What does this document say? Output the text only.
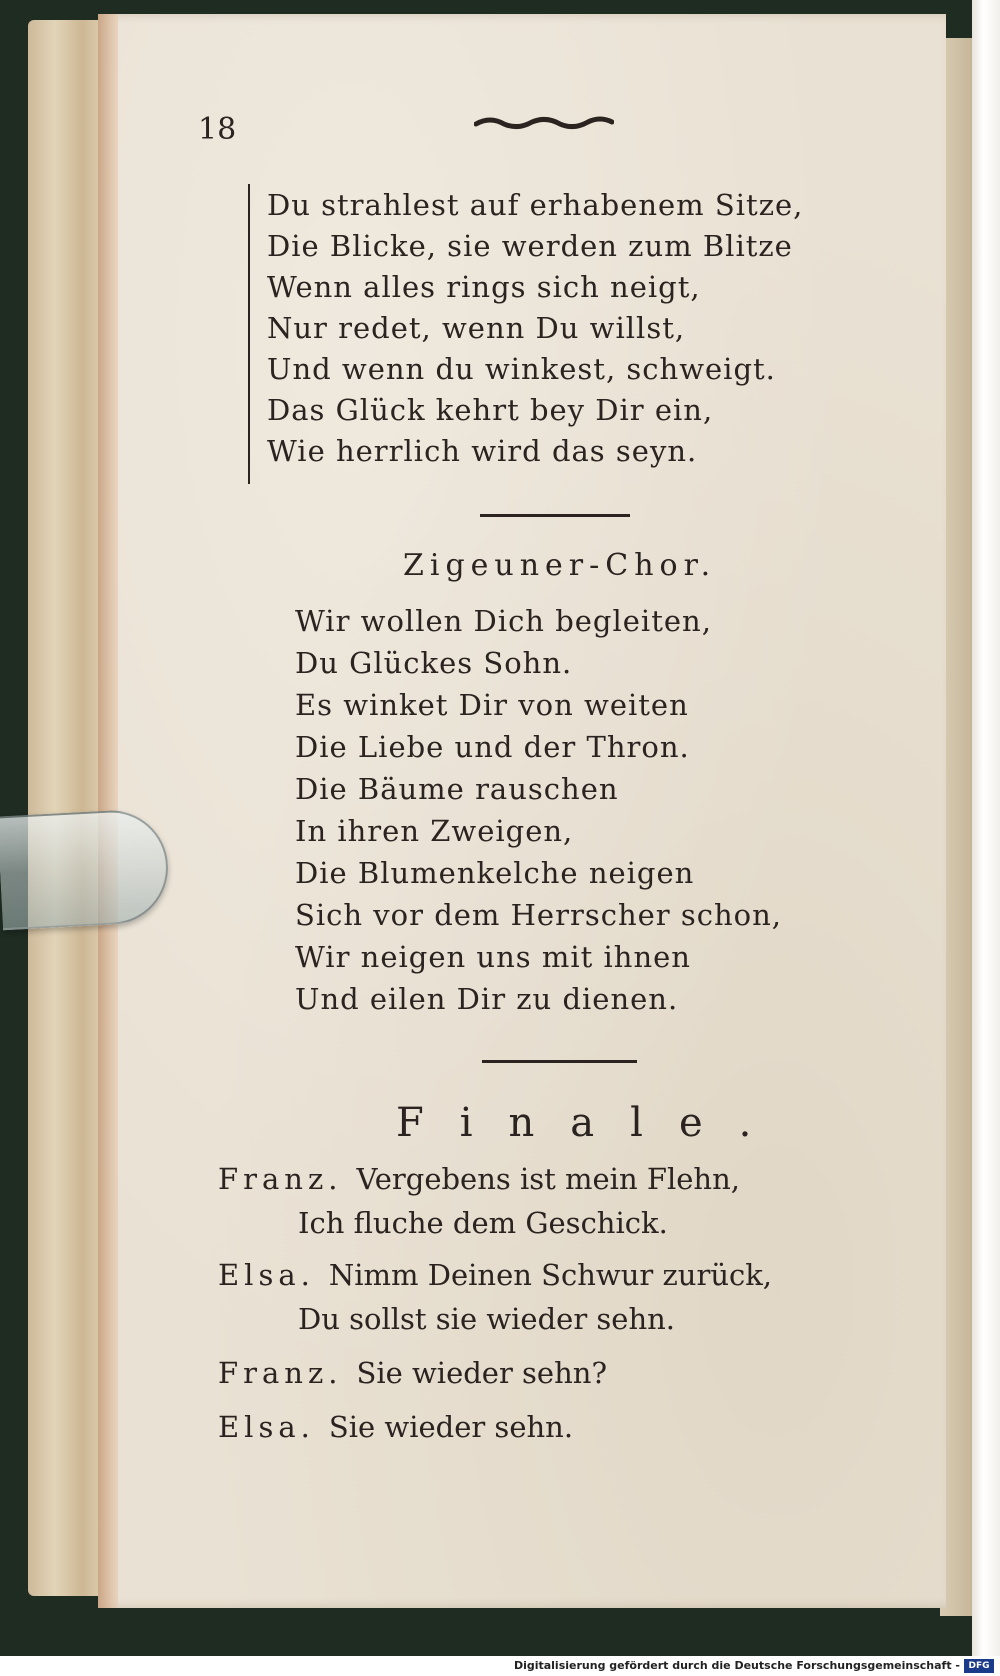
18
Du strahlest auf erhabenem Sitze,
Die Blicke, sie werden zum Blitze
Wenn alles rings sich neigt,
Nur redet, wenn Du willst,
Und wenn du winkest, schweigt.
Das Glück kehrt bey Dir ein,
Wie herrlich wird das seyn.
Zigeuner-Chor.
Wir wollen Dich begleiten,
Du Glückes Sohn.
Es winket Dir von weiten
Die Liebe und der Thron.
Die Bäume rauschen
In ihren Zweigen,
Die Blumenkelche neigen
Sich vor dem Herrscher schon,
Wir neigen uns mit ihnen
Und eilen Dir zu dienen.
Finale.
Franz. Vergebens ist mein Flehn,
Ich fluche dem Geschick.
Elsa. Nimm Deinen Schwur zurück,
Du sollst sie wieder sehn.
Franz. Sie wieder sehn?
Elsa. Sie wieder sehn.
Digitalisierung gefördert durch die Deutsche Forschungsgemeinschaft - DFG
